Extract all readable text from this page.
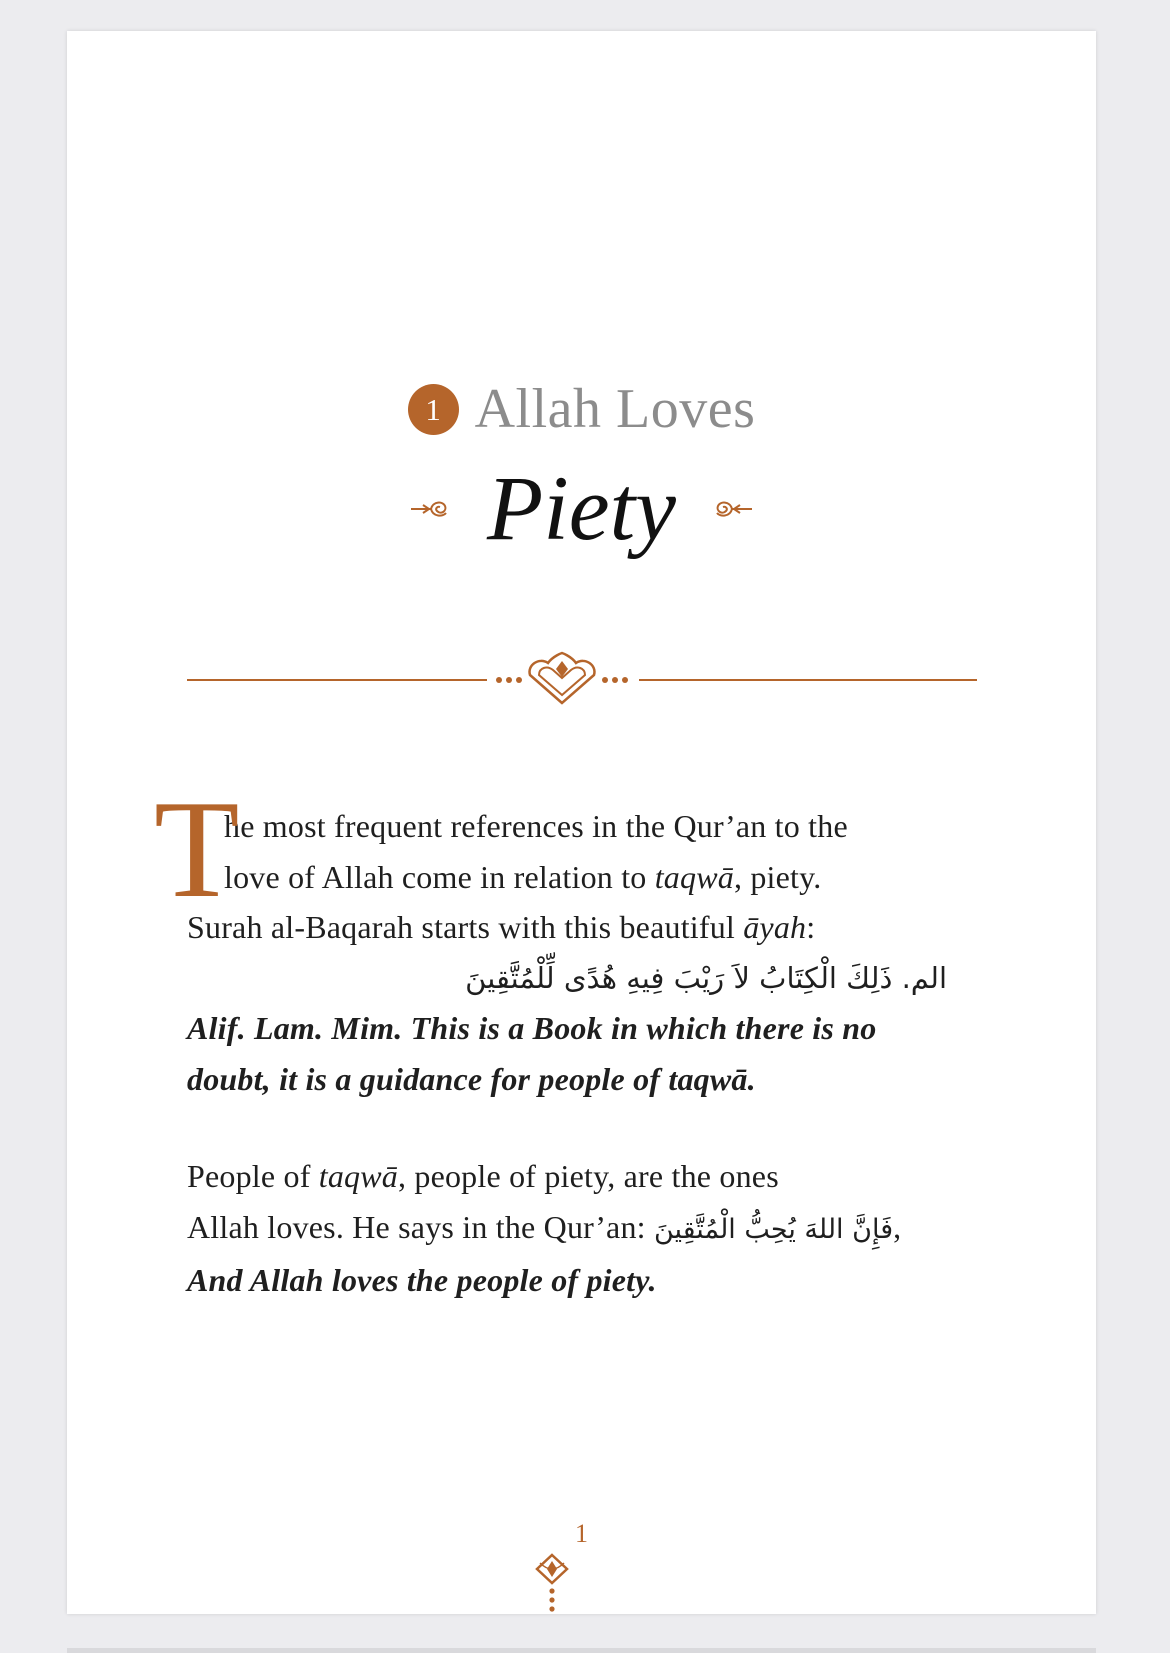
1 Allah Loves
Piety

T
he most frequent references in the Qur’an to the
love of Allah come in relation to taqwā, piety.
Surah al-Baqarah starts with this beautiful āyah:
الم. ذَلِكَ الْكِتَابُ لاَ رَيْبَ فِيهِ هُدًى لِّلْمُتَّقِينَ
Alif. Lam. Mim. This is a Book in which there is no
doubt, it is a guidance for people of taqwā.

People of taqwā, people of piety, are the ones
Allah loves. He says in the Qur’an: فَإِنَّ اللهَ يُحِبُّ الْمُتَّقِينَ,
And Allah loves the people of piety.

1
